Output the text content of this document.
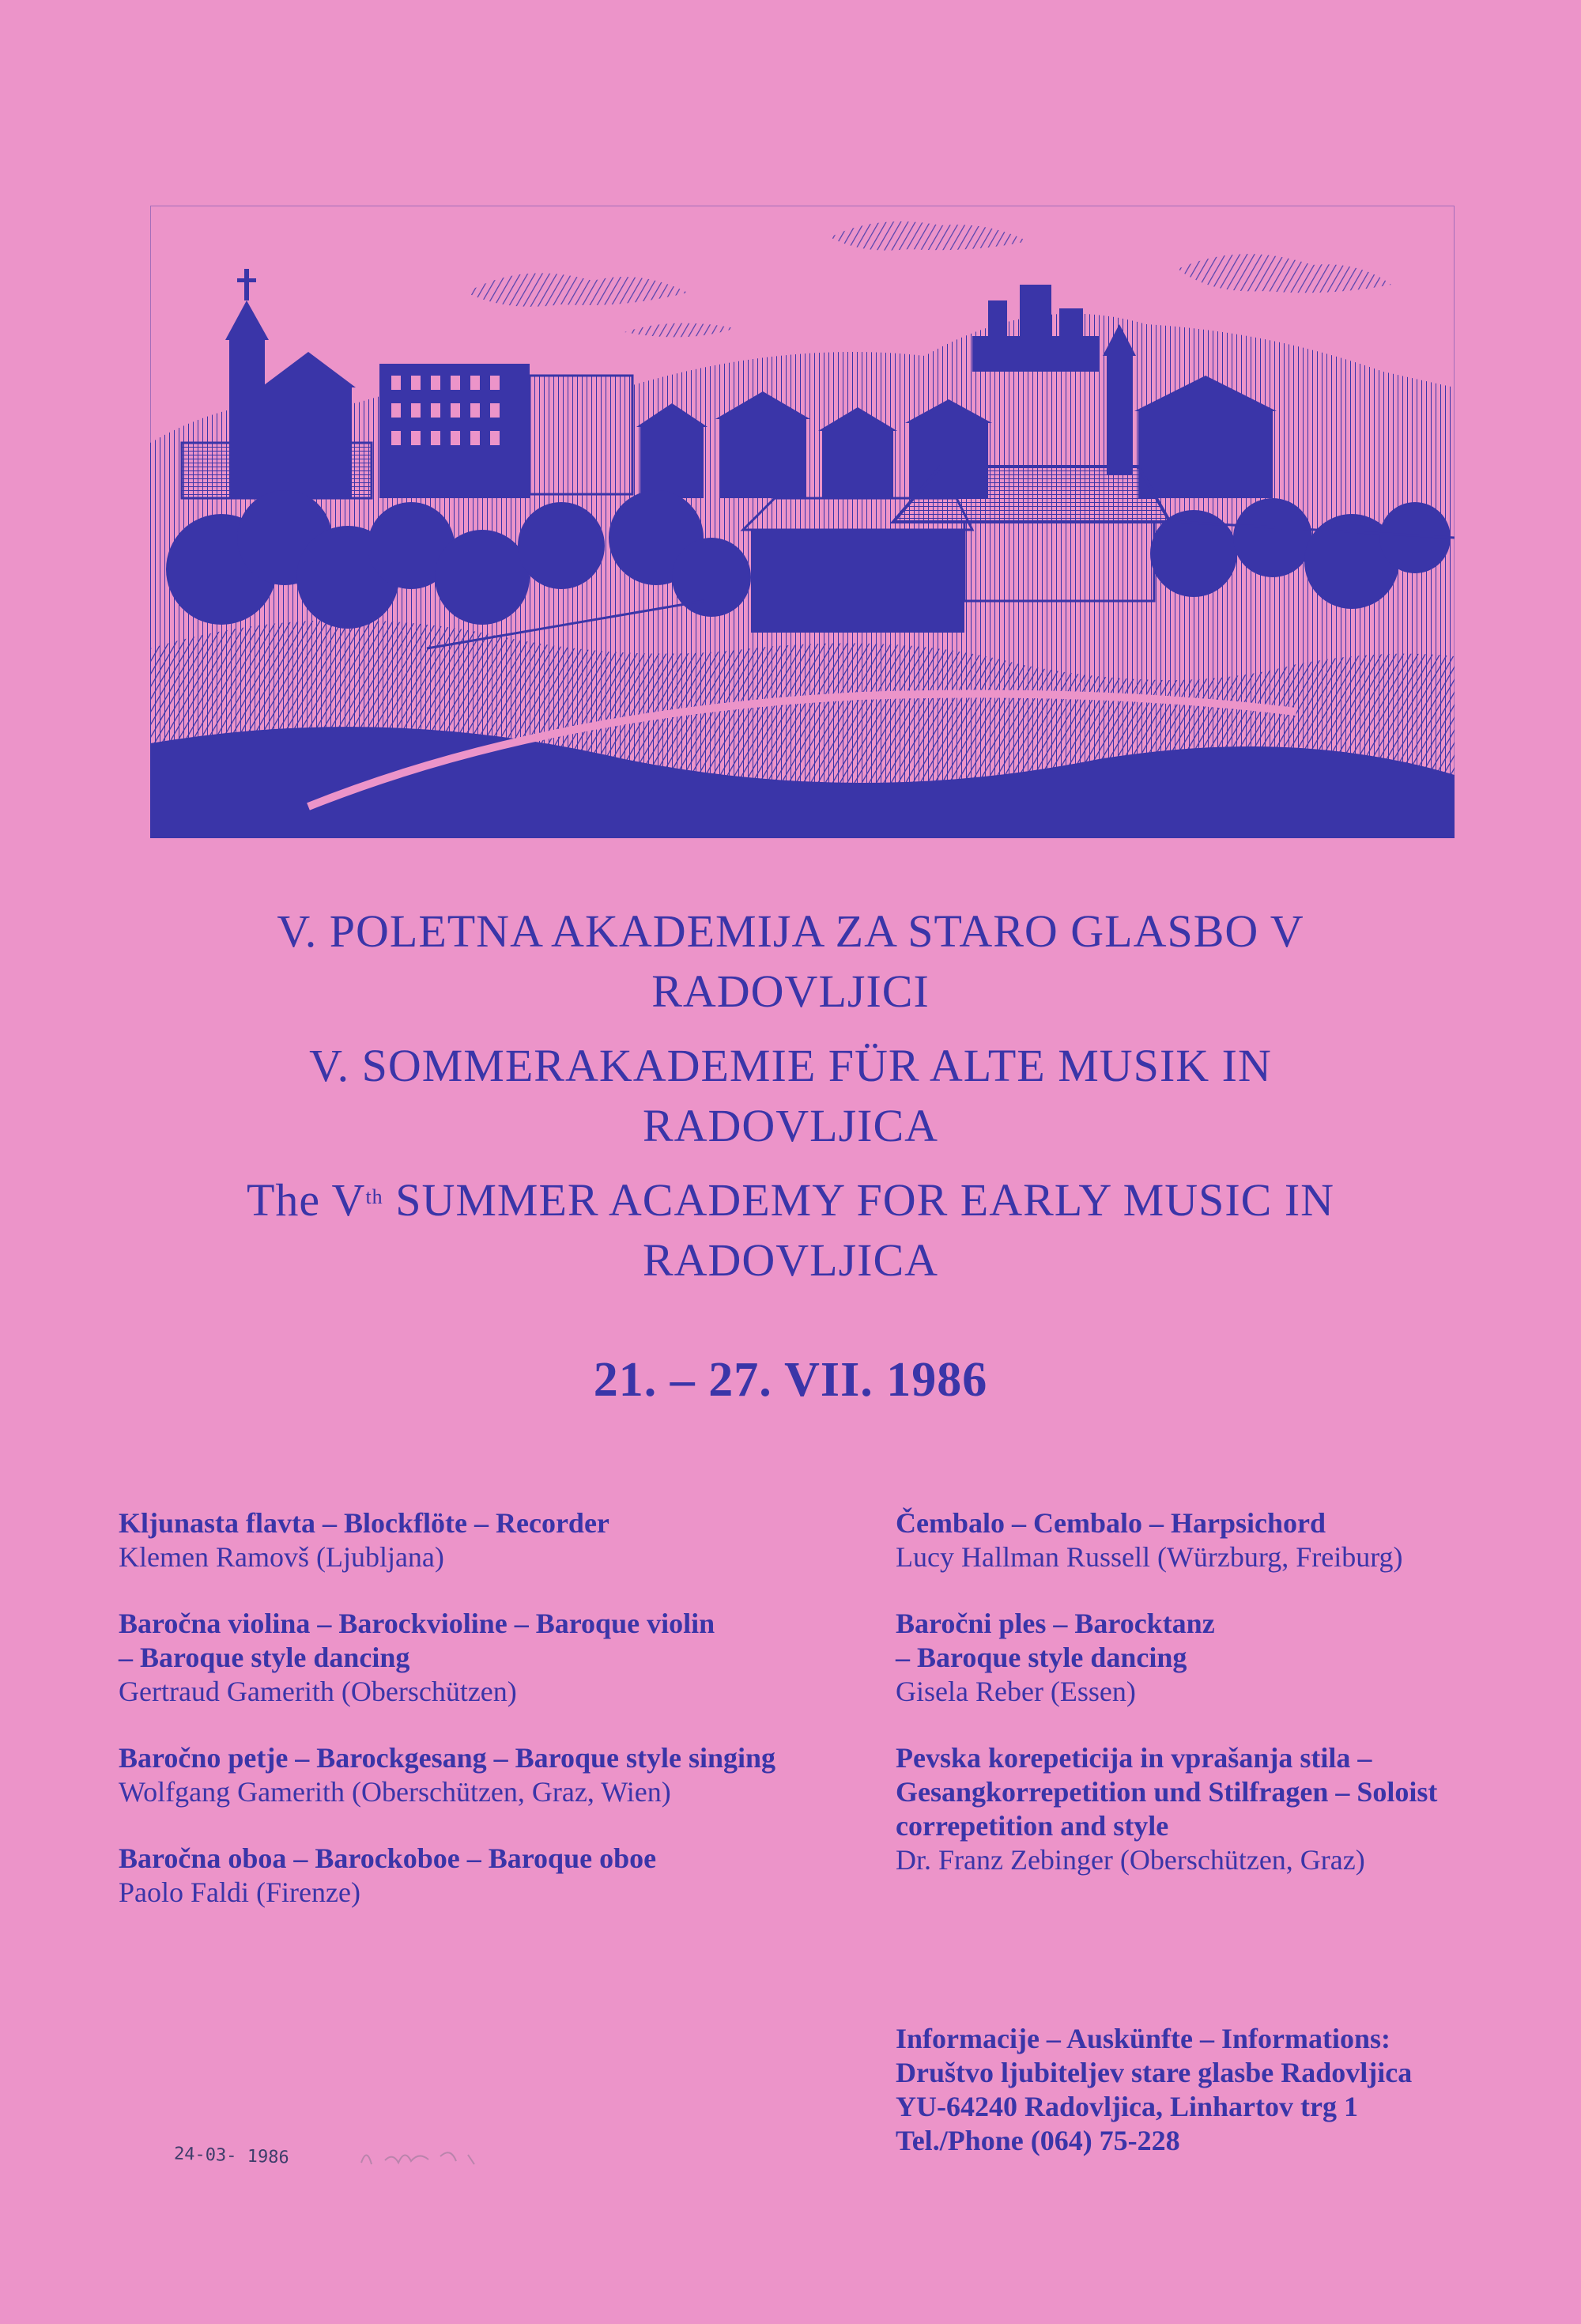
V. POLETNA AKADEMIJA ZA STARO GLASBO V
RADOVLJICI
V. SOMMERAKADEMIE FÜR ALTE MUSIK IN
RADOVLJICA
The Vth SUMMER ACADEMY FOR EARLY MUSIC IN
RADOVLJICA
21. – 27. VII. 1986
Kljunasta flavta – Blockflöte – Recorder
Klemen Ramovš (Ljubljana)
Baročna violina – Barockvioline – Baroque violin
– Baroque style dancing
Gertraud Gamerith (Oberschützen)
Baročno petje – Barockgesang – Baroque style singing
Wolfgang Gamerith (Oberschützen, Graz, Wien)
Baročna oboa – Barockoboe – Baroque oboe
Paolo Faldi (Firenze)
Čembalo – Cembalo – Harpsichord
Lucy Hallman Russell (Würzburg, Freiburg)
Baročni ples – Barocktanz
– Baroque style dancing
Gisela Reber (Essen)
Pevska korepeticija in vprašanja stila –
Gesangkorrepetition und Stilfragen – Soloist
correpetition and style
Dr. Franz Zebinger (Oberschützen, Graz)
Informacije – Auskünfte – Informations:
Društvo ljubiteljev stare glasbe Radovljica
YU-64240 Radovljica, Linhartov trg 1
Tel./Phone (064) 75-228
24-03- 1986
